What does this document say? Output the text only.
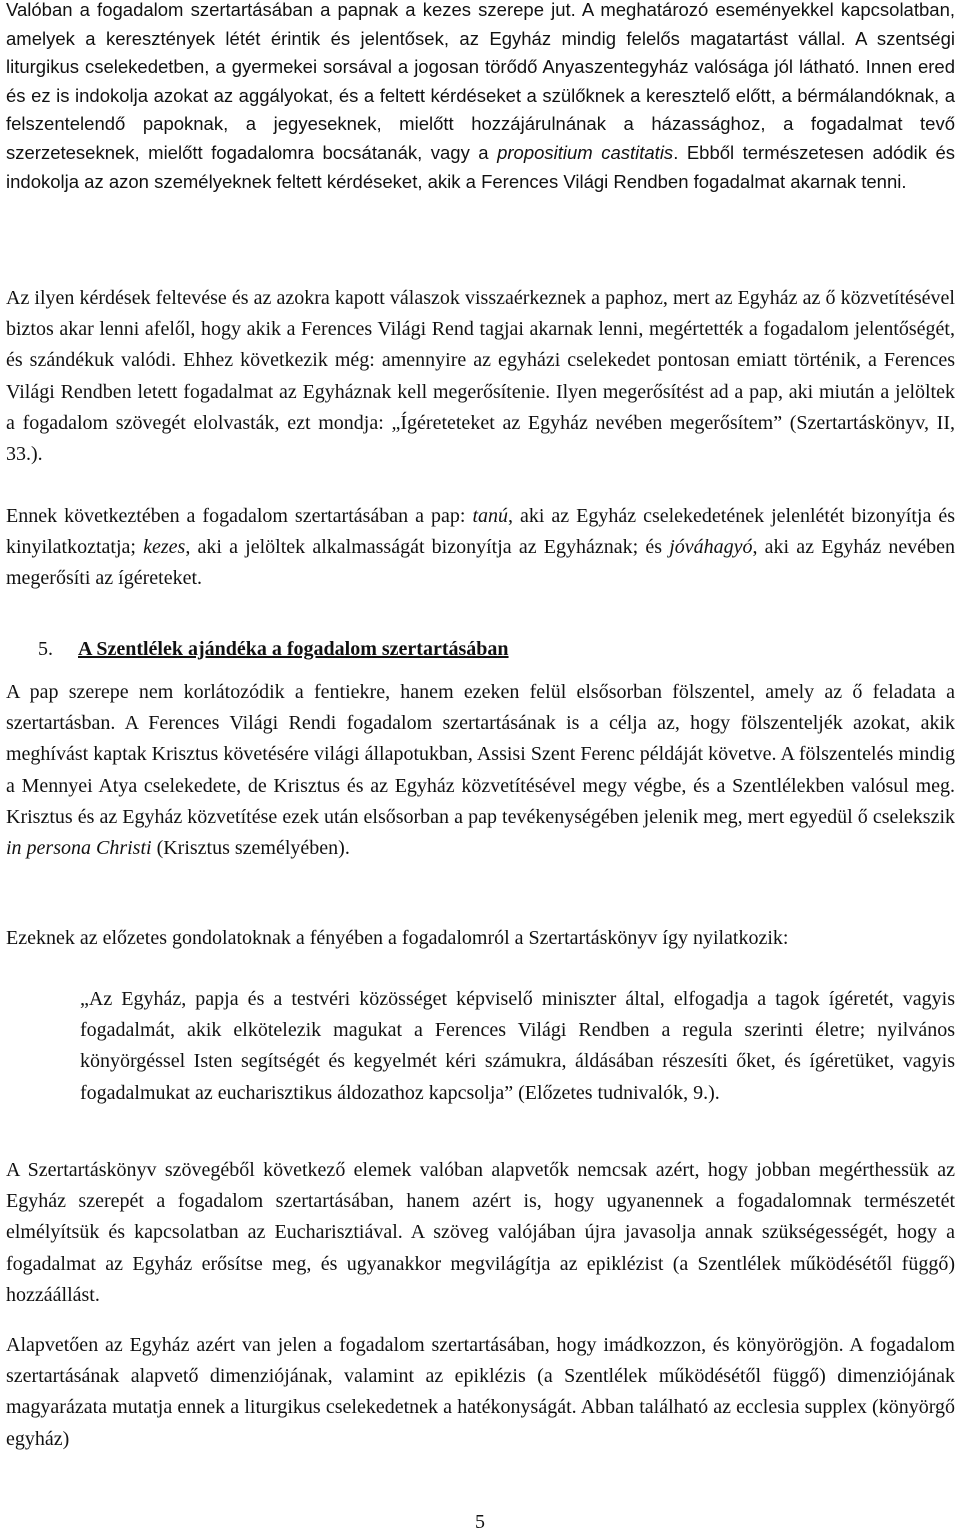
Valóban a fogadalom szertartásában a papnak a kezes szerepe jut. A meghatározó eseményekkel kapcsolatban, amelyek a keresztények létét érintik és jelentősek, az Egyház mindig felelős magatartást vállal. A szentségi liturgikus cselekedetben, a gyermekei sorsával a jogosan törődő Anyaszentegyház valósága jól látható. Innen ered és ez is indokolja azokat az aggályokat, és a feltett kérdéseket a szülőknek a keresztelő előtt, a bérmálandóknak, a felszentelendő papoknak, a jegyeseknek, mielőtt hozzájárulnának a házassághoz, a fogadalmat tevő szerzeteseknek, mielőtt fogadalomra bocsátanák, vagy a propositium castitatis. Ebből természetesen adódik és indokolja az azon személyeknek feltett kérdéseket, akik a Ferences Világi Rendben fogadalmat akarnak tenni.

Az ilyen kérdések feltevése és az azokra kapott válaszok visszaérkeznek a paphoz, mert az Egyház az ő közvetítésével biztos akar lenni afelől, hogy akik a Ferences Világi Rend tagjai akarnak lenni, megértették a fogadalom jelentőségét, és szándékuk valódi. Ehhez következik még: amennyire az egyházi cselekedet pontosan emiatt történik, a Ferences Világi Rendben letett fogadalmat az Egyháznak kell megerősítenie. Ilyen megerősítést ad a pap, aki miután a jelöltek a fogadalom szövegét elolvasták, ezt mondja: „Ígéreteteket az Egyház nevében megerősítem” (Szertartáskönyv, II, 33.).

Ennek következtében a fogadalom szertartásában a pap: tanú, aki az Egyház cselekedetének jelenlétét bizonyítja és kinyilatkoztatja; kezes, aki a jelöltek alkalmasságát bizonyítja az Egyháznak; és jóváhagyó, aki az Egyház nevében megerősíti az ígéreteket.

5. A Szentlélek ajándéka a fogadalom szertartásában

A pap szerepe nem korlátozódik a fentiekre, hanem ezeken felül elsősorban fölszentel, amely az ő feladata a szertartásban. A Ferences Világi Rendi fogadalom szertartásának is a célja az, hogy fölszenteljék azokat, akik meghívást kaptak Krisztus követésére világi állapotukban, Assisi Szent Ferenc példáját követve. A fölszentelés mindig a Mennyei Atya cselekedete, de Krisztus és az Egyház közvetítésével megy végbe, és a Szentlélekben valósul meg. Krisztus és az Egyház közvetítése ezek után elsősorban a pap tevékenységében jelenik meg, mert egyedül ő cselekszik in persona Christi (Krisztus személyében).

Ezeknek az előzetes gondolatoknak a fényében a fogadalomról a Szertartáskönyv így nyilatkozik:

„Az Egyház, papja és a testvéri közösséget képviselő miniszter által, elfogadja a tagok ígéretét, vagyis fogadalmát, akik elkötelezik magukat a Ferences Világi Rendben a regula szerinti életre; nyilvános könyörgéssel Isten segítségét és kegyelmét kéri számukra, áldásában részesíti őket, és ígéretüket, vagyis fogadalmukat az eucharisztikus áldozathoz kapcsolja” (Előzetes tudnivalók, 9.).

A Szertartáskönyv szövegéből következő elemek valóban alapvetők nemcsak azért, hogy jobban megérthessük az Egyház szerepét a fogadalom szertartásában, hanem azért is, hogy ugyanennek a fogadalomnak természetét elmélyítsük és kapcsolatban az Eucharisztiával. A szöveg valójában újra javasolja annak szükségességét, hogy a fogadalmat az Egyház erősítse meg, és ugyanakkor megvilágítja az epiklézist (a Szentlélek működésétől függő) hozzáállást.

Alapvetően az Egyház azért van jelen a fogadalom szertartásában, hogy imádkozzon, és könyörögjön. A fogadalom szertartásának alapvető dimenziójának, valamint az epiklézis (a Szentlélek működésétől függő) dimenziójának magyarázata mutatja ennek a liturgikus cselekedetnek a hatékonyságát. Abban található az ecclesia supplex (könyörgő egyház)

5
